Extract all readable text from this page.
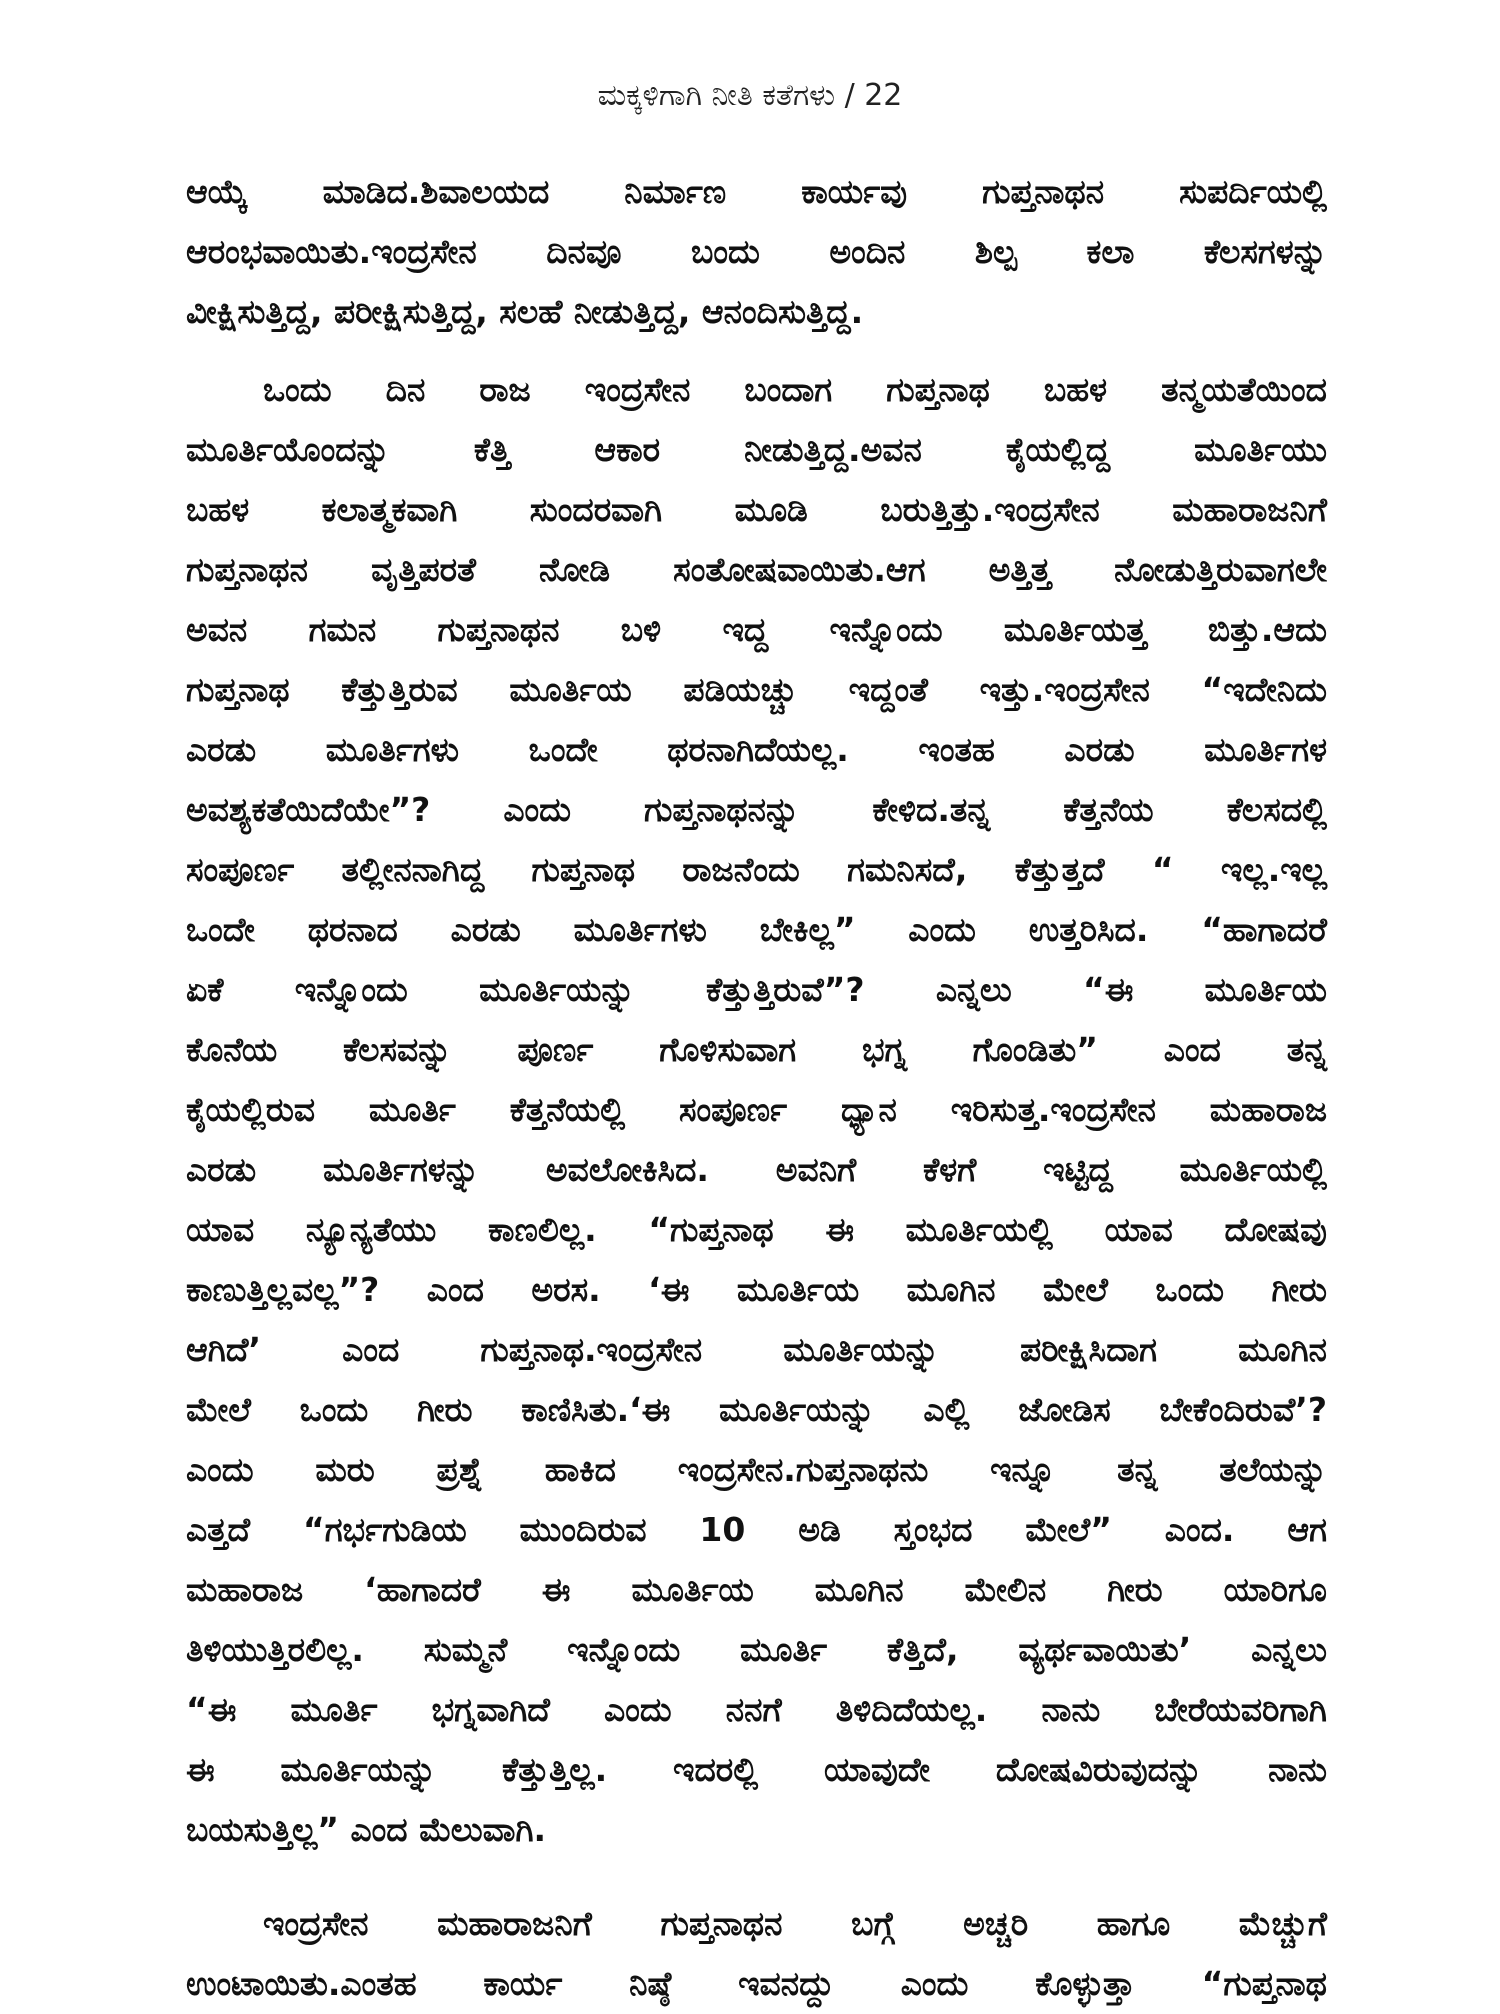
ಮಕ್ಕಳಿಗಾಗಿ ನೀತಿ ಕತೆಗಳು / 22
ಆಯ್ಕೆ ಮಾಡಿದ.ಶಿವಾಲಯದ ನಿರ್ಮಾಣ ಕಾರ್ಯವು ಗುಪ್ತನಾಥನ ಸುಪರ್ದಿಯಲ್ಲಿ
ಆರಂಭವಾಯಿತು.ಇಂದ್ರಸೇನ ದಿನವೂ ಬಂದು ಅಂದಿನ ಶಿಲ್ಪ ಕಲಾ ಕೆಲಸಗಳನ್ನು
ವೀಕ್ಷಿಸುತ್ತಿದ್ದ, ಪರೀಕ್ಷಿಸುತ್ತಿದ್ದ, ಸಲಹೆ ನೀಡುತ್ತಿದ್ದ, ಆನಂದಿಸುತ್ತಿದ್ದ.
ಒಂದು ದಿನ ರಾಜ ಇಂದ್ರಸೇನ ಬಂದಾಗ ಗುಪ್ತನಾಥ ಬಹಳ ತನ್ಮಯತೆಯಿಂದ
ಮೂರ್ತಿಯೊಂದನ್ನು ಕೆತ್ತಿ ಆಕಾರ ನೀಡುತ್ತಿದ್ದ.ಅವನ ಕೈಯಲ್ಲಿದ್ದ ಮೂರ್ತಿಯು
ಬಹಳ ಕಲಾತ್ಮಕವಾಗಿ ಸುಂದರವಾಗಿ ಮೂಡಿ ಬರುತ್ತಿತ್ತು.ಇಂದ್ರಸೇನ ಮಹಾರಾಜನಿಗೆ
ಗುಪ್ತನಾಥನ ವೃತ್ತಿಪರತೆ ನೋಡಿ ಸಂತೋಷವಾಯಿತು.ಆಗ ಅತ್ತಿತ್ತ ನೋಡುತ್ತಿರುವಾಗಲೇ
ಅವನ ಗಮನ ಗುಪ್ತನಾಥನ ಬಳಿ ಇದ್ದ ಇನ್ನೊಂದು ಮೂರ್ತಿಯತ್ತ ಬಿತ್ತು.ಆದು
ಗುಪ್ತನಾಥ ಕೆತ್ತುತ್ತಿರುವ ಮೂರ್ತಿಯ ಪಡಿಯಚ್ಚು ಇದ್ದಂತೆ ಇತ್ತು.ಇಂದ್ರಸೇನ “ಇದೇನಿದು
ಎರಡು ಮೂರ್ತಿಗಳು ಒಂದೇ ಥರನಾಗಿದೆಯಲ್ಲ. ಇಂತಹ ಎರಡು ಮೂರ್ತಿಗಳ
ಅವಶ್ಯಕತೆಯಿದೆಯೇ”? ಎಂದು ಗುಪ್ತನಾಥನನ್ನು ಕೇಳಿದ.ತನ್ನ ಕೆತ್ತನೆಯ ಕೆಲಸದಲ್ಲಿ
ಸಂಪೂರ್ಣ ತಲ್ಲೀನನಾಗಿದ್ದ ಗುಪ್ತನಾಥ ರಾಜನೆಂದು ಗಮನಿಸದೆ, ಕೆತ್ತುತ್ತದೆ “ ಇಲ್ಲ.ಇಲ್ಲ
ಒಂದೇ ಥರನಾದ ಎರಡು ಮೂರ್ತಿಗಳು ಬೇಕಿಲ್ಲ” ಎಂದು ಉತ್ತರಿಸಿದ. “ಹಾಗಾದರೆ
ಏಕೆ ಇನ್ನೊಂದು ಮೂರ್ತಿಯನ್ನು ಕೆತ್ತುತ್ತಿರುವೆ”? ಎನ್ನಲು “ಈ ಮೂರ್ತಿಯ
ಕೊನೆಯ ಕೆಲಸವನ್ನು ಪೂರ್ಣ ಗೊಳಿಸುವಾಗ ಭಗ್ನ ಗೊಂಡಿತು” ಎಂದ ತನ್ನ
ಕೈಯಲ್ಲಿರುವ ಮೂರ್ತಿ ಕೆತ್ತನೆಯಲ್ಲಿ ಸಂಪೂರ್ಣ ಧ್ಯಾನ ಇರಿಸುತ್ತ.ಇಂದ್ರಸೇನ ಮಹಾರಾಜ
ಎರಡು ಮೂರ್ತಿಗಳನ್ನು ಅವಲೋಕಿಸಿದ. ಅವನಿಗೆ ಕೆಳಗೆ ಇಟ್ಟಿದ್ದ ಮೂರ್ತಿಯಲ್ಲಿ
ಯಾವ ನ್ಯೂನ್ಯತೆಯು ಕಾಣಲಿಲ್ಲ. “ಗುಪ್ತನಾಥ ಈ ಮೂರ್ತಿಯಲ್ಲಿ ಯಾವ ದೋಷವು
ಕಾಣುತ್ತಿಲ್ಲವಲ್ಲ”? ಎಂದ ಅರಸ. ‘ಈ ಮೂರ್ತಿಯ ಮೂಗಿನ ಮೇಲೆ ಒಂದು ಗೀರು
ಆಗಿದೆ’ ಎಂದ ಗುಪ್ತನಾಥ.ಇಂದ್ರಸೇನ ಮೂರ್ತಿಯನ್ನು ಪರೀಕ್ಷಿಸಿದಾಗ ಮೂಗಿನ
ಮೇಲೆ ಒಂದು ಗೀರು ಕಾಣಿಸಿತು.‘ಈ ಮೂರ್ತಿಯನ್ನು ಎಲ್ಲಿ ಜೋಡಿಸ ಬೇಕೆಂದಿರುವೆ’?
ಎಂದು ಮರು ಪ್ರಶ್ನೆ ಹಾಕಿದ ಇಂದ್ರಸೇನ.ಗುಪ್ತನಾಥನು ಇನ್ನೂ ತನ್ನ ತಲೆಯನ್ನು
ಎತ್ತದೆ “ಗರ್ಭಗುಡಿಯ ಮುಂದಿರುವ 10 ಅಡಿ ಸ್ತಂಭದ ಮೇಲೆ” ಎಂದ. ಆಗ
ಮಹಾರಾಜ ‘ಹಾಗಾದರೆ ಈ ಮೂರ್ತಿಯ ಮೂಗಿನ ಮೇಲಿನ ಗೀರು ಯಾರಿಗೂ
ತಿಳಿಯುತ್ತಿರಲಿಲ್ಲ. ಸುಮ್ಮನೆ ಇನ್ನೊಂದು ಮೂರ್ತಿ ಕೆತ್ತಿದೆ, ವ್ಯರ್ಥವಾಯಿತು’ ಎನ್ನಲು
“ಈ ಮೂರ್ತಿ ಭಗ್ನವಾಗಿದೆ ಎಂದು ನನಗೆ ತಿಳಿದಿದೆಯಲ್ಲ. ನಾನು ಬೇರೆಯವರಿಗಾಗಿ
ಈ ಮೂರ್ತಿಯನ್ನು ಕೆತ್ತುತ್ತಿಲ್ಲ. ಇದರಲ್ಲಿ ಯಾವುದೇ ದೋಷವಿರುವುದನ್ನು ನಾನು
ಬಯಸುತ್ತಿಲ್ಲ” ಎಂದ ಮೆಲುವಾಗಿ.
ಇಂದ್ರಸೇನ ಮಹಾರಾಜನಿಗೆ ಗುಪ್ತನಾಥನ ಬಗ್ಗೆ ಅಚ್ಚರಿ ಹಾಗೂ ಮೆಚ್ಚುಗೆ
ಉಂಟಾಯಿತು.ಎಂತಹ ಕಾರ್ಯ ನಿಷ್ಠೆ ಇವನದ್ದು ಎಂದು ಕೊಳ್ಳುತ್ತಾ “ಗುಪ್ತನಾಥ
